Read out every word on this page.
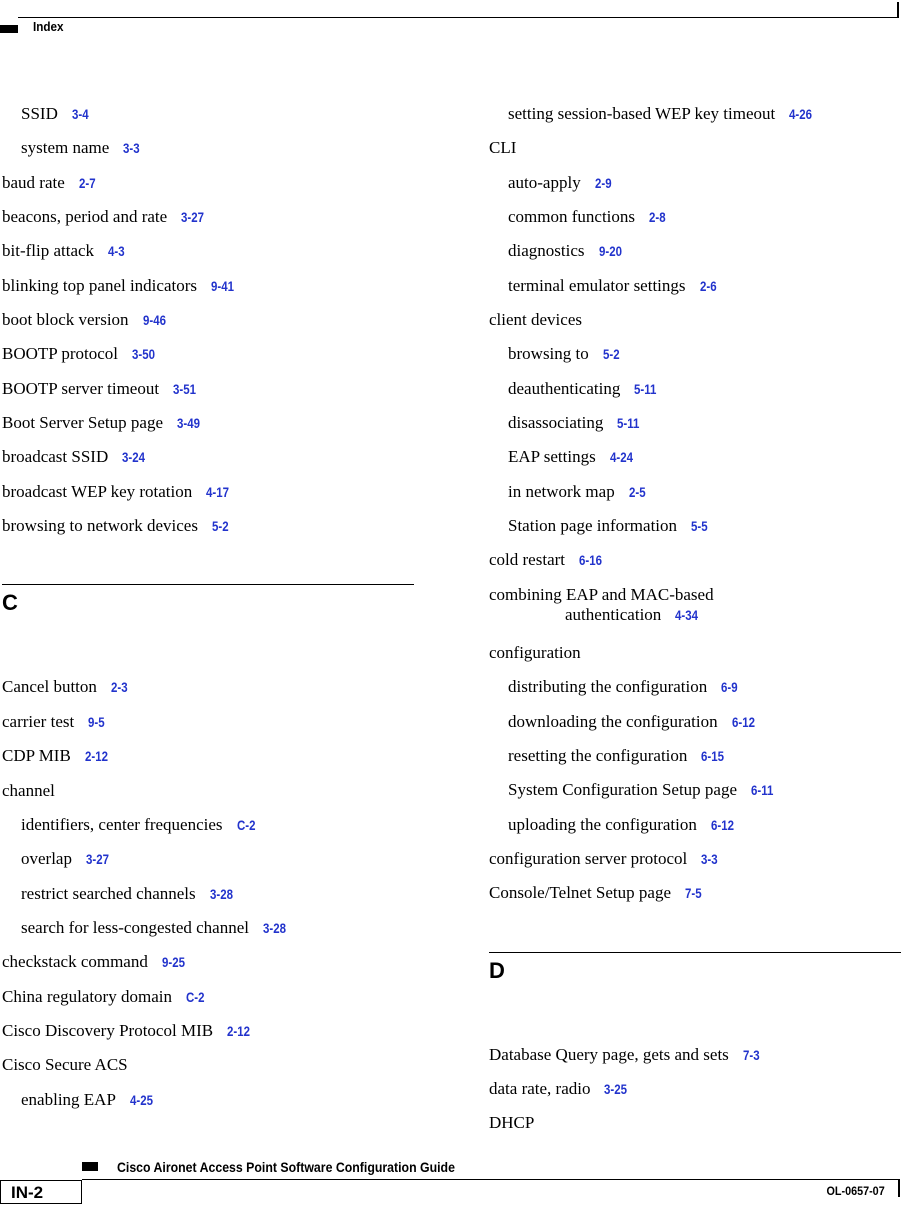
Index
SSID 3-4
system name 3-3
baud rate 2-7
beacons, period and rate 3-27
bit-flip attack 4-3
blinking top panel indicators 9-41
boot block version 9-46
BOOTP protocol 3-50
BOOTP server timeout 3-51
Boot Server Setup page 3-49
broadcast SSID 3-24
broadcast WEP key rotation 4-17
browsing to network devices 5-2
C
Cancel button 2-3
carrier test 9-5
CDP MIB 2-12
channel
identifiers, center frequencies C-2
overlap 3-27
restrict searched channels 3-28
search for less-congested channel 3-28
checkstack command 9-25
China regulatory domain C-2
Cisco Discovery Protocol MIB 2-12
Cisco Secure ACS
enabling EAP 4-25
setting session-based WEP key timeout 4-26
CLI
auto-apply 2-9
common functions 2-8
diagnostics 9-20
terminal emulator settings 2-6
client devices
browsing to 5-2
deauthenticating 5-11
disassociating 5-11
EAP settings 4-24
in network map 2-5
Station page information 5-5
cold restart 6-16
combining EAP and MAC-based
authentication 4-34
configuration
distributing the configuration 6-9
downloading the configuration 6-12
resetting the configuration 6-15
System Configuration Setup page 6-11
uploading the configuration 6-12
configuration server protocol 3-3
Console/Telnet Setup page 7-5
D
Database Query page, gets and sets 7-3
data rate, radio 3-25
DHCP
Cisco Aironet Access Point Software Configuration Guide
IN-2	OL-0657-07
